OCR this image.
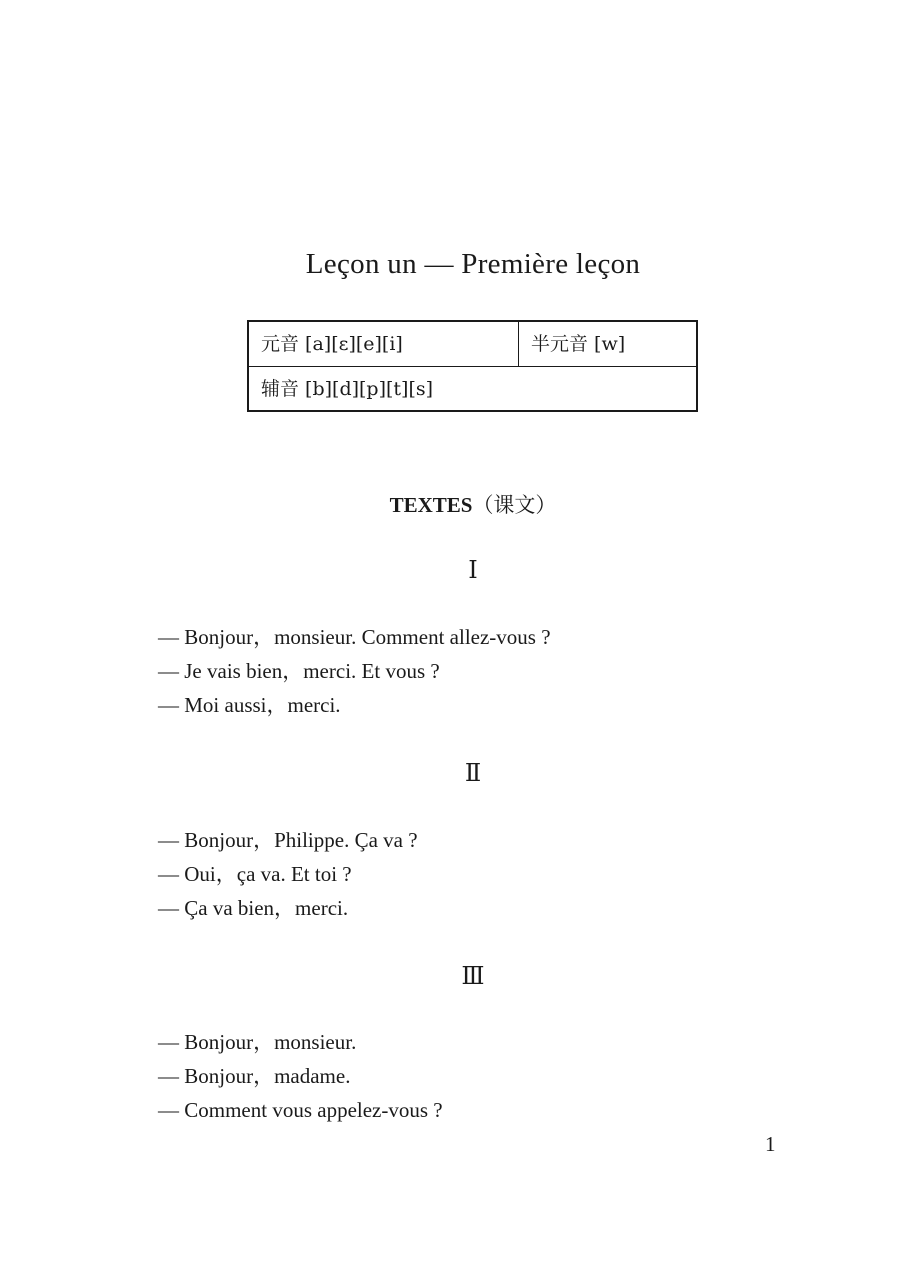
Leçon un — Première leçon
元音 [a][ε][e][i]	半元音 [w]
辅音 [b][d][p][t][s]
TEXTES（课文）
Ⅰ
— Bonjour，monsieur. Comment allez-vous ?
— Je vais bien，merci. Et vous ?
— Moi aussi，merci.
Ⅱ
— Bonjour，Philippe. Ça va ?
— Oui，ça va. Et toi ?
— Ça va bien，merci.
Ⅲ
— Bonjour，monsieur.
— Bonjour，madame.
— Comment vous appelez-vous ?
1
